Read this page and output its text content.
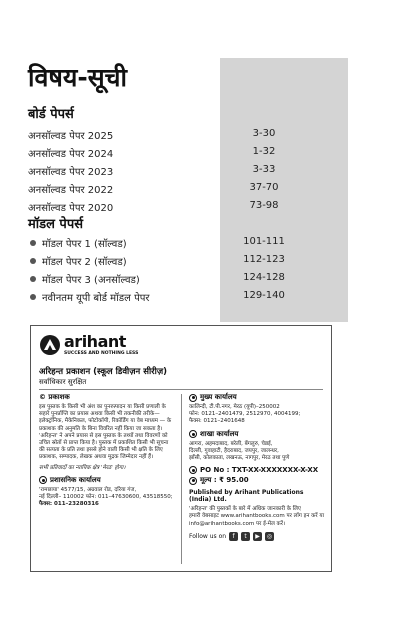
विषय-सूची
बोर्ड पेपर्स
अनसॉल्वड पेपर 2025	3-30
अनसॉल्वड पेपर 2024	1-32
अनसॉल्वड पेपर 2023	3-33
अनसॉल्वड पेपर 2022	37-70
अनसॉल्वड पेपर 2020	73-98
मॉडल पेपर्स
मॉडल पेपर 1 (सॉल्वड)	101-111
मॉडल पेपर 2 (सॉल्वड)	112-123
मॉडल पेपर 3 (अनसॉल्वड)	124-128
नवीनतम यूपी बोर्ड मॉडल पेपर	129-140
arihant
SUCCESS AND NOTHING LESS
अरिहन्त प्रकाशन (स्कूल डिवीज़न सीरीज़)
सर्वाधिकार सुरक्षित

© प्रकाशक

इस पुस्तक के किसी भी अंश का पुनरुत्पादन या किसी प्रणाली के सहारे पुनर्प्राप्ति का प्रयास अथवा किसी भी तकनीकी तरीके—इलेक्ट्रॉनिक, मैकेनिकल, फोटोकॉपी, रिकॉर्डिंग या वेब माध्यम — के प्रकाशक की अनुमति के बिना विवरित नहीं किया जा सकता है। 'अरिहन्त' ने अपने प्रयास से इस पुस्तक के तथ्यों तथा विवरणों को उचित स्रोतों से प्राप्त किया है। पुस्तक में प्रकाशित किसी भी सूचना की सत्यता के प्रति तथा इससे होने वाली किसी भी क्षति के लिए प्रकाशक, सम्पादक, लेखक अथवा मुद्रक जिम्मेदार नहीं हैं।

सभी प्रतिवादों का न्यायिक क्षेत्र 'मेरठ' होगा।

प्रशासनिक कार्यालय

'रामछाया' 4577/15, अग्रवाल रोड, दरिया गंज,

नई दिल्ली– 110002 फोन: 011–47630600, 43518550;

फैक्स: 011–23280316

मुख्य कार्यालय

कालिन्दी, टी.पी.नगर, मेरठ (यूपी)–250002

फोन: 0121–2401479, 2512970, 4004199;

फैक्स: 0121–2401648

शाखा कार्यालय

आगरा, अहमदाबाद, बरेली, बेंगलुरु, चेन्नई,

दिल्ली, गुवाहाटी, हैदराबाद, जयपुर, जालन्धर,

झाँसी, कोलकाता, लखनऊ, नागपुर, मेरठ तथा पुणे

PO No : TXT-XX-XXXXXXX-X-XX

मूल्य : ₹ 95.00

Published by Arihant Publications (India) Ltd.

'अरिहन्त' की पुस्तकों के बारे में अधिक जानकारी के लिए

हमारी वेबसाइट www.arihantbooks.com पर लॉग इन करें या

info@arihantbooks.com पर ई-मेल करें।

Follow us on	f	t	▶	◎
